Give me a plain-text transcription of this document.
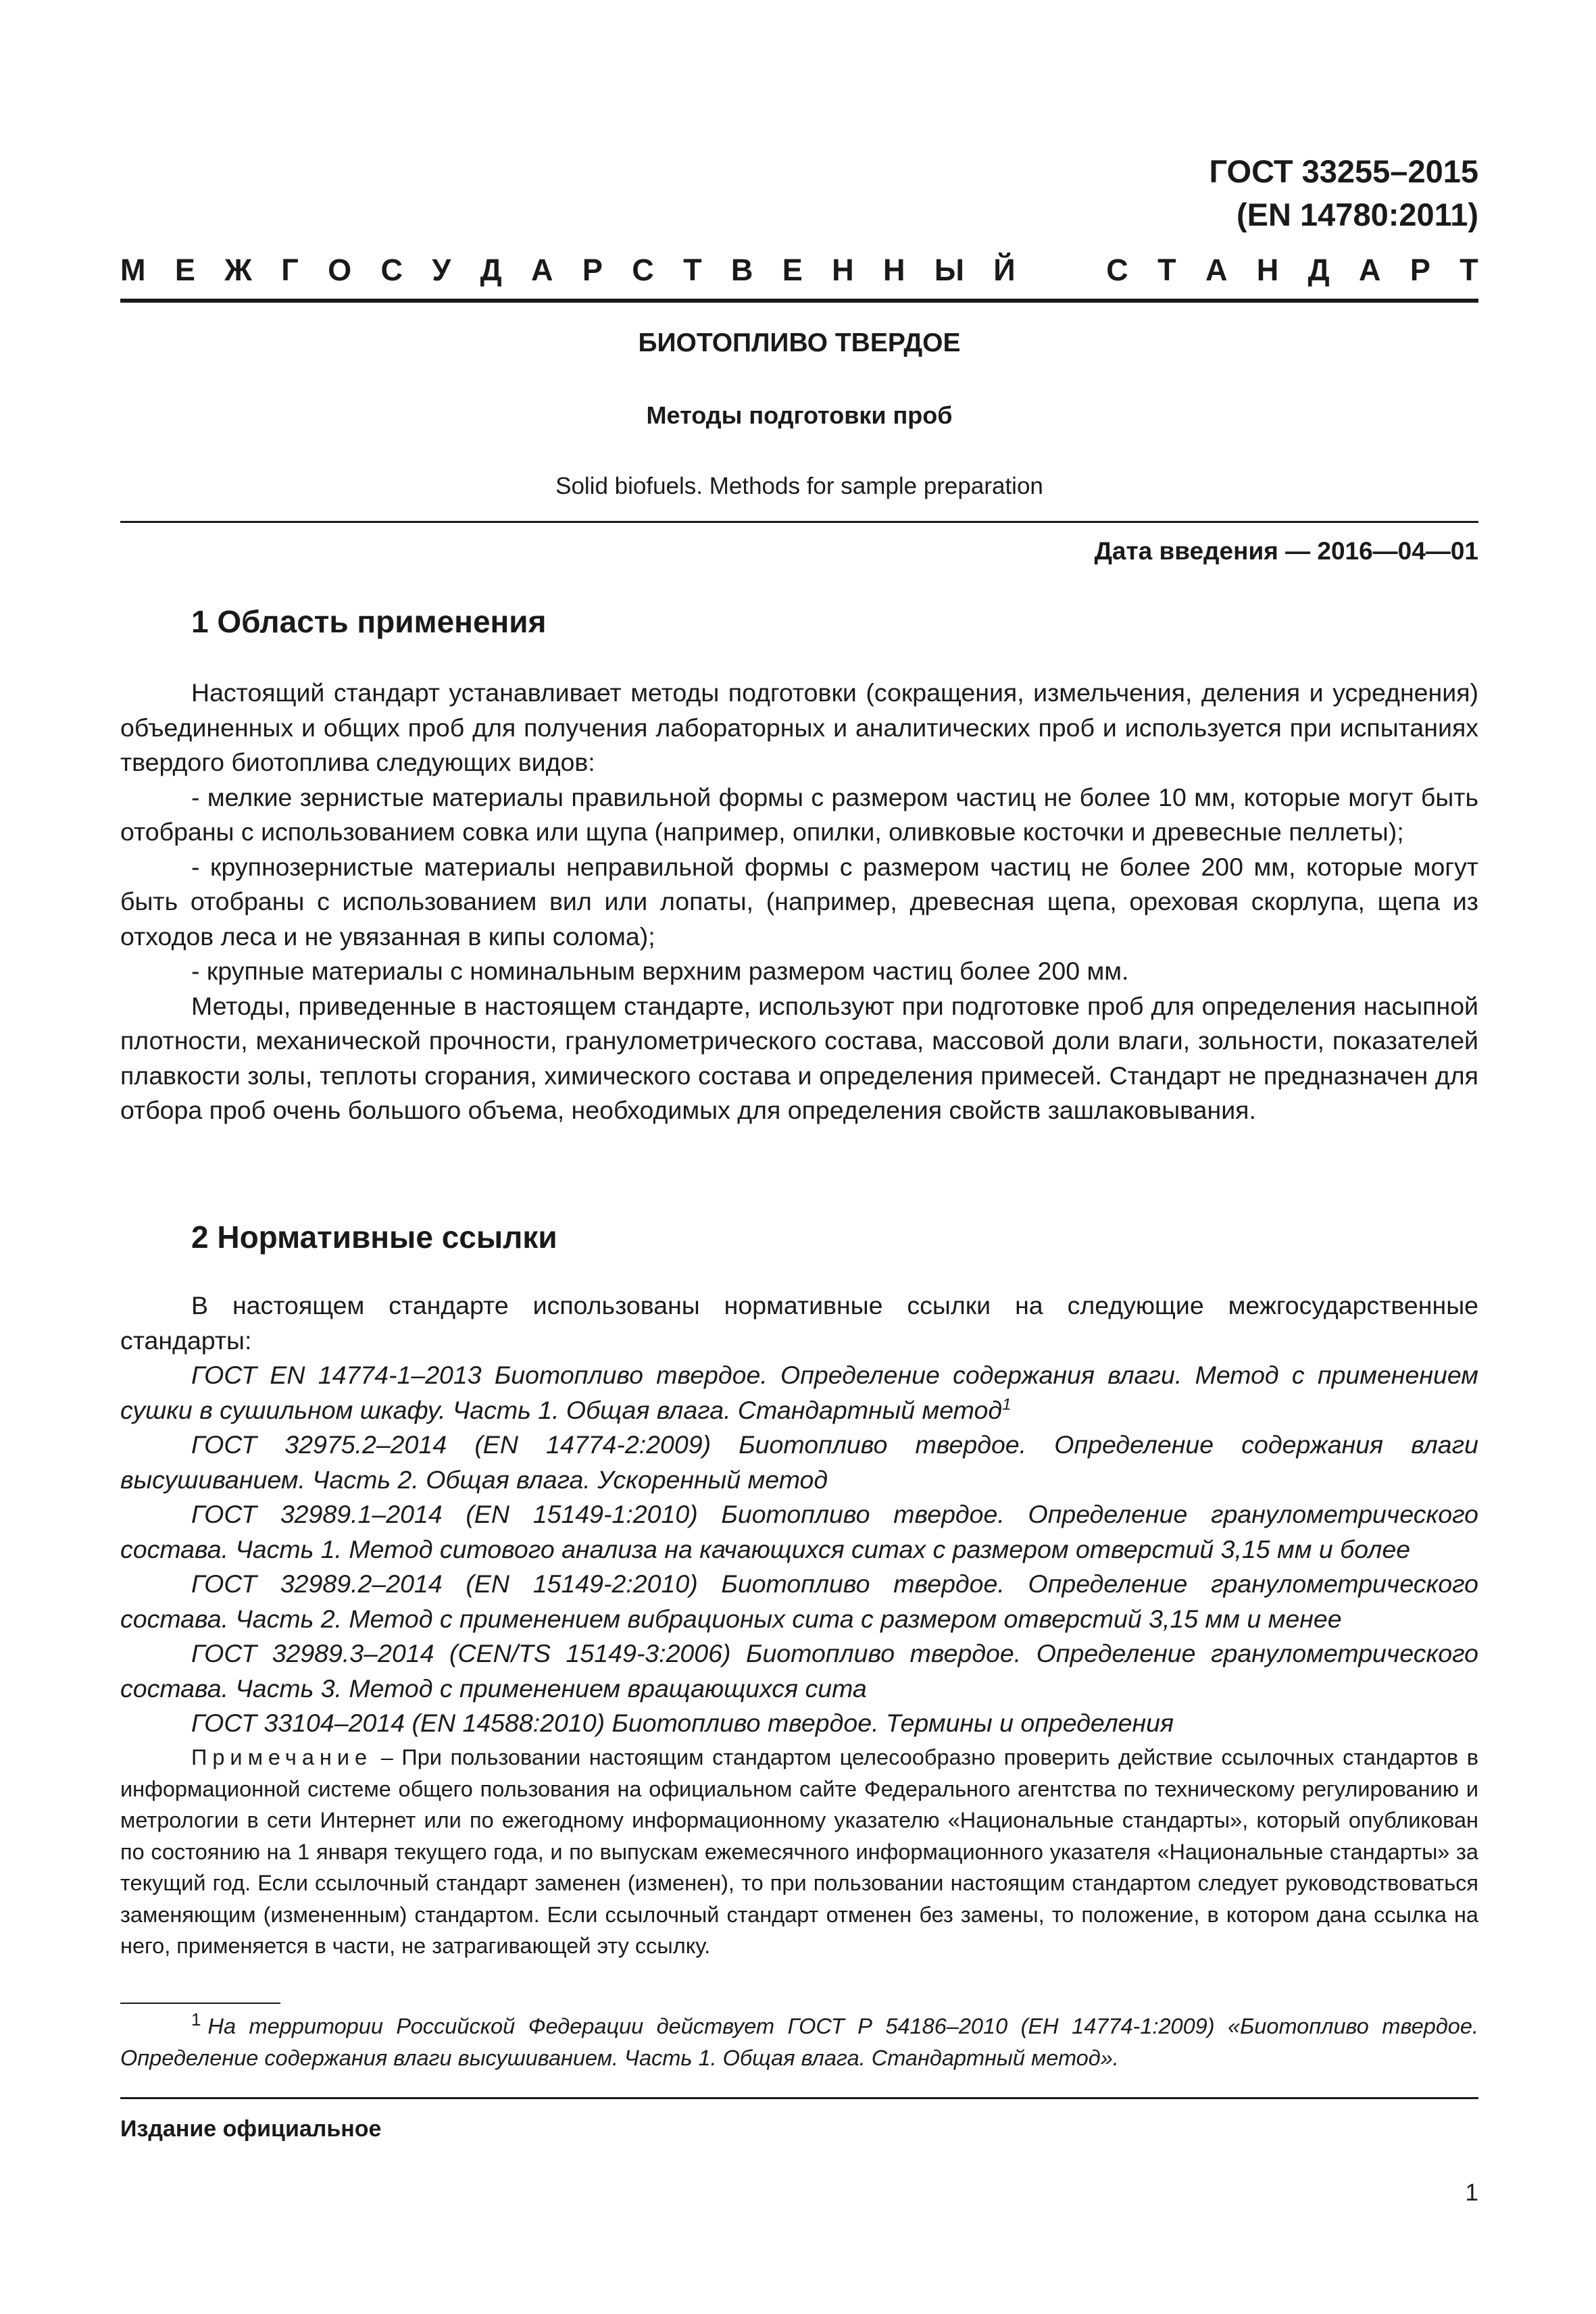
ГОСТ 33255–2015
(EN 14780:2011)
М Е Ж Г О С У Д А Р С Т В Е Н Н Ы Й	С Т А Н Д А Р Т
БИОТОПЛИВО ТВЕРДОЕ
Методы подготовки проб
Solid biofuels. Methods for sample preparation
Дата введения — 2016—04—01
1 Область применения

Настоящий стандарт устанавливает методы подготовки (сокращения, измельчения, деления и усреднения) объединенных и общих проб для получения лабораторных и аналитических проб и используется при испытаниях твердого биотоплива следующих видов:

- мелкие зернистые материалы правильной формы с размером частиц не более 10 мм, которые могут быть отобраны с использованием совка или щупа (например, опилки, оливковые косточки и древесные пеллеты);

- крупнозернистые материалы неправильной формы с размером частиц не более 200 мм, которые могут быть отобраны с использованием вил или лопаты, (например, древесная щепа, ореховая скорлупа, щепа из отходов леса и не увязанная в кипы солома);

- крупные материалы с номинальным верхним размером частиц более 200 мм.

Методы, приведенные в настоящем стандарте, используют при подготовке проб для определения насыпной плотности, механической прочности, гранулометрического состава, массовой доли влаги, зольности, показателей плавкости золы, теплоты сгорания, химического состава и определения примесей. Стандарт не предназначен для отбора проб очень большого объема, необходимых для определения свойств зашлаковывания.

2 Нормативные ссылки

В настоящем стандарте использованы нормативные ссылки на следующие межгосударственные стандарты:

ГОСТ EN 14774-1–2013 Биотопливо твердое. Определение содержания влаги. Метод с применением сушки в сушильном шкафу. Часть 1. Общая влага. Стандартный метод$^1$

ГОСТ 32975.2–2014 (EN 14774-2:2009) Биотопливо твердое. Определение содержания влаги высушиванием. Часть 2. Общая влага. Ускоренный метод

ГОСТ 32989.1–2014 (EN 15149-1:2010) Биотопливо твердое. Определение гранулометрического состава. Часть 1. Метод ситового анализа на качающихся ситах с размером отверстий 3,15 мм и более

ГОСТ 32989.2–2014 (EN 15149-2:2010) Биотопливо твердое. Определение гранулометрического состава. Часть 2. Метод с применением вибрационых сита с размером отверстий 3,15 мм и менее

ГОСТ 32989.3–2014 (CEN/TS 15149-3:2006) Биотопливо твердое. Определение гранулометрического состава. Часть 3. Метод с применением вращающихся сита

ГОСТ 33104–2014 (EN 14588:2010) Биотопливо твердое. Термины и определения

Примечание – При пользовании настоящим стандартом целесообразно проверить действие ссылочных стандартов в информационной системе общего пользования на официальном сайте Федерального агентства по техническому регулированию и метрологии в сети Интернет или по ежегодному информационному указателю «Национальные стандарты», который опубликован по состоянию на 1 января текущего года, и по выпускам ежемесячного информационного указателя «Национальные стандарты» за текущий год. Если ссылочный стандарт заменен (изменен), то при пользовании настоящим стандартом следует руководствоваться заменяющим (измененным) стандартом. Если ссылочный стандарт отменен без замены, то положение, в котором дана ссылка на него, применяется в части, не затрагивающей эту ссылку.

$^1$ На территории Российской Федерации действует ГОСТ Р 54186–2010 (ЕН 14774-1:2009) «Биотопливо твердое. Определение содержания влаги высушиванием. Часть 1. Общая влага. Стандартный метод».

Издание официальное
1
